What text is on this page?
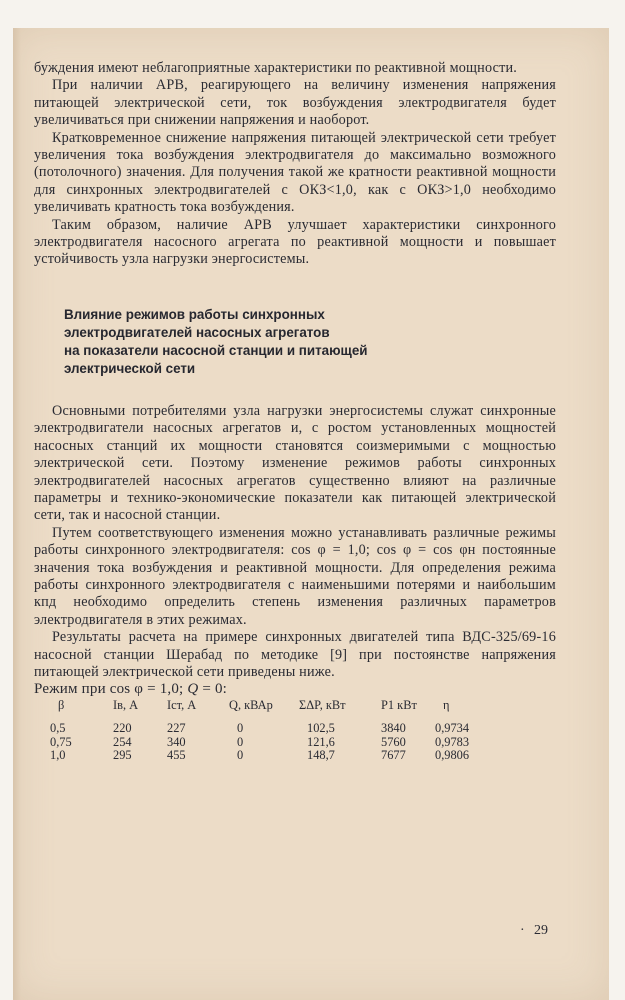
буждения имеют неблагоприятные характеристики по реактивной мощности.

При наличии АРВ, реагирующего на величину изменения напряжения питающей электрической сети, ток возбуждения электродвигателя будет увеличиваться при снижении напряжения и наоборот.

Кратковременное снижение напряжения питающей электрической сети требует увеличения тока возбуждения электродвигателя до максимально возможного (потолочного) значения. Для получения такой же кратности реактивной мощности для синхронных электродвигателей с ОКЗ<1,0, как с ОКЗ>1,0 необходимо увеличивать кратность тока возбуждения.

Таким образом, наличие АРВ улучшает характеристики синхронного электродвигателя насосного агрегата по реактивной мощности и повышает устойчивость узла нагрузки энергосистемы.

Влияние режимов работы синхронных
электродвигателей насосных агрегатов
на показатели насосной станции и питающей
электрической сети

Основными потребителями узла нагрузки энергосистемы служат синхронные электродвигатели насосных агрегатов и, с ростом установленных мощностей насосных станций их мощности становятся соизмеримыми с мощностью электрической сети. Поэтому изменение режимов работы синхронных электродвигателей насосных агрегатов существенно влияют на различные параметры и технико-экономические показатели как питающей электрической сети, так и насосной станции.

Путем соответствующего изменения можно устанавливать различные режимы работы синхронного электродвигателя: cos φ = 1,0; cos φ = cos φн постоянные значения тока возбуждения и реактивной мощности. Для определения режима работы синхронного электродвигателя с наименьшими потерями и наибольшим кпд необходимо определить степень изменения различных параметров электродвигателя в этих режимах.

Результаты расчета на примере синхронных двигателей типа ВДС-325/69-16 насосной станции Шерабад по методике [9] при постоянстве напряжения питающей электрической сети приведены ниже.

Режим при cos φ = 1,0; Q = 0:

β	Iв, А	Iст, А	Q, кВАр	ΣΔP, кВт	P1 кВт	η
0,5	220	227	0	102,5	3840	0,9734
0,75	254	340	0	121,6	5760	0,9783
1,0	295	455	0	148,7	7677	0,9806
· 29
